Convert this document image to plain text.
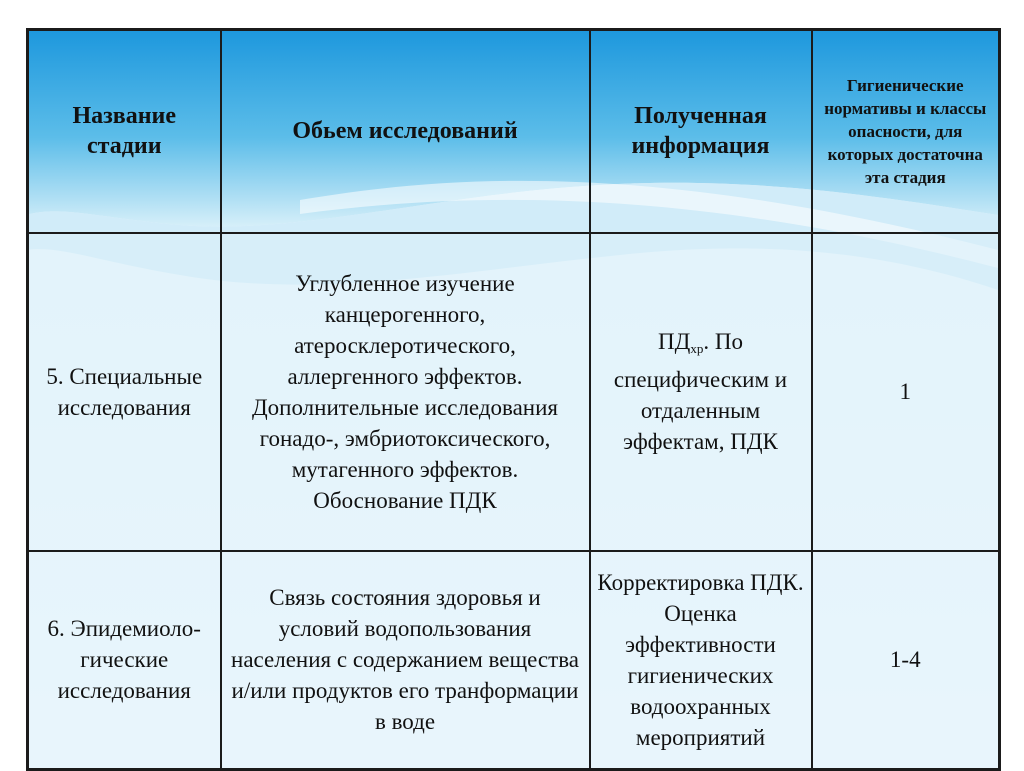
Название стадии	Обьем исследований	Полученная информация	Гигиенические нормативы и классы опасности, для которых достаточна эта стадия
5. Специальные исследования	Углубленное изучение канцерогенного, атеросклеротического, аллергенного эффектов. Дополнительные исследования гонадо-, эмбриотоксического, мутагенного эффектов. Обоснование ПДК	$ПД_{хр}$. По специфическим и отдаленным эффектам, ПДК	1
6. Эпидемиоло-гические исследования	Связь состояния здоровья и условий водопользования населения с содержанием вещества и/или продуктов его транформации в воде	Корректировка ПДК. Оценка эффективности гигиенических водоохранных мероприятий	1-4
